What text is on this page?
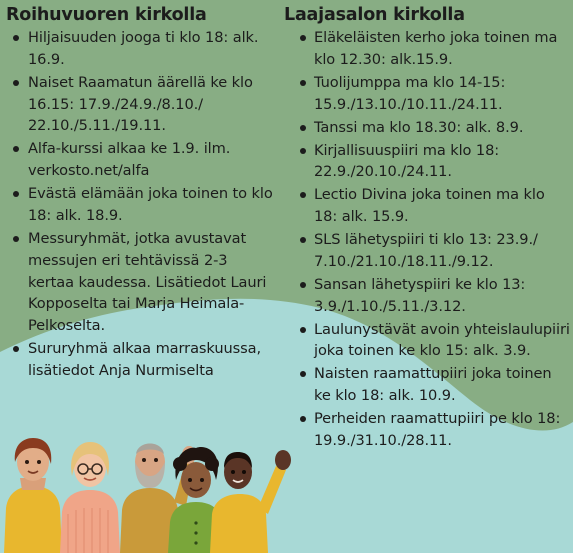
Roihuvuoren kirkolla
Hiljaisuuden jooga ti klo 18: alk. 16.9.
Naiset Raamatun äärellä ke klo 16.15: 17.9./24.9./8.10./ 22.10./5.11./19.11.
Alfa-kurssi alkaa ke 1.9. ilm. verkosto.net/alfa
Evästä elämään joka toinen to klo 18: alk. 18.9.
Messuryhmät, jotka avustavat messujen eri tehtävissä 2-3 kertaa kaudessa. Lisätiedot Lauri Kopposelta tai Marja Heimala-Pelkoselta.
Sururyhmä alkaa marraskuussa, lisätiedot Anja Nurmiselta
Laajasalon kirkolla
Eläkeläisten kerho joka toinen ma klo 12.30: alk.15.9.
Tuolijumppa ma klo 14-15: 15.9./13.10./10.11./24.11.
Tanssi ma klo 18.30: alk. 8.9.
Kirjallisuuspiiri ma klo 18: 22.9./20.10./24.11.
Lectio Divina joka toinen ma klo 18: alk. 15.9.
SLS lähetyspiiri ti klo 13: 23.9./ 7.10./21.10./18.11./9.12.
Sansan lähetyspiiri ke klo 13: 3.9./1.10./5.11./3.12.
Laulunystävät avoin yhteislaulupiiri joka toinen ke klo 15: alk. 3.9.
Naisten raamattupiiri joka toinen ke klo 18: alk. 10.9.
Perheiden raamattupiiri pe klo 18: 19.9./31.10./28.11.
